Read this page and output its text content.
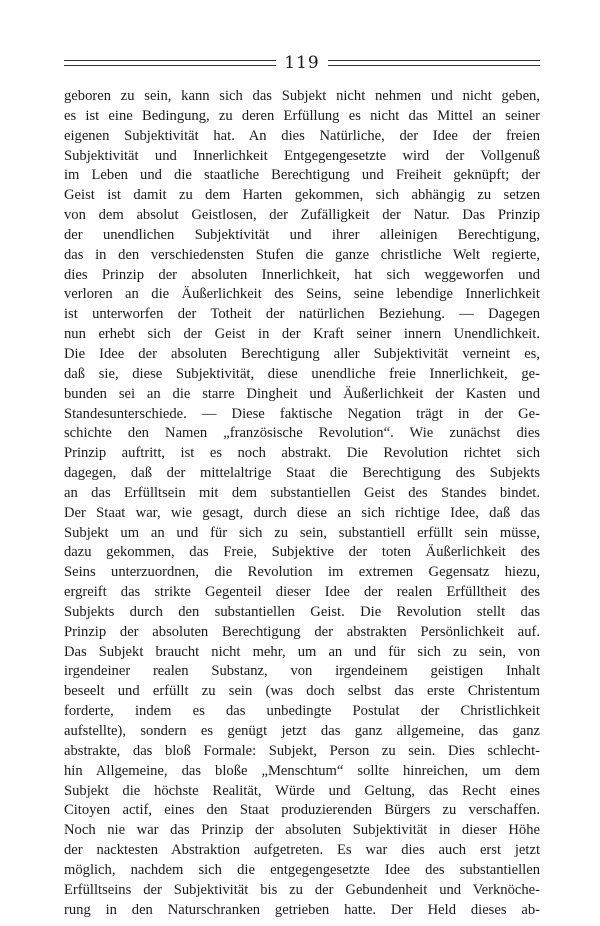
119
geboren zu sein, kann sich das Subjekt nicht nehmen und nicht geben,
es ist eine Bedingung, zu deren Erfüllung es nicht das Mittel an seiner
eigenen Subjektivität hat. An dies Natürliche, der Idee der freien
Subjektivität und Innerlichkeit Entgegengesetzte wird der Vollgenuß
im Leben und die staatliche Berechtigung und Freiheit geknüpft; der
Geist ist damit zu dem Harten gekommen, sich abhängig zu setzen
von dem absolut Geistlosen, der Zufälligkeit der Natur. Das Prinzip
der unendlichen Subjektivität und ihrer alleinigen Berechtigung,
das in den verschiedensten Stufen die ganze christliche Welt regierte,
dies Prinzip der absoluten Innerlichkeit, hat sich weggeworfen und
verloren an die Äußerlichkeit des Seins, seine lebendige Innerlichkeit
ist unterworfen der Totheit der natürlichen Beziehung. — Dagegen
nun erhebt sich der Geist in der Kraft seiner innern Unendlichkeit.
Die Idee der absoluten Berechtigung aller Subjektivität verneint es,
daß sie, diese Subjektivität, diese unendliche freie Innerlichkeit, ge-
bunden sei an die starre Dingheit und Äußerlichkeit der Kasten und
Standesunterschiede. — Diese faktische Negation trägt in der Ge-
schichte den Namen „französische Revolution“. Wie zunächst dies
Prinzip auftritt, ist es noch abstrakt. Die Revolution richtet sich
dagegen, daß der mittelaltrige Staat die Berechtigung des Subjekts
an das Erfülltsein mit dem substantiellen Geist des Standes bindet.
Der Staat war, wie gesagt, durch diese an sich richtige Idee, daß das
Subjekt um an und für sich zu sein, substantiell erfüllt sein müsse,
dazu gekommen, das Freie, Subjektive der toten Äußerlichkeit des
Seins unterzuordnen, die Revolution im extremen Gegensatz hiezu,
ergreift das strikte Gegenteil dieser Idee der realen Erfülltheit des
Subjekts durch den substantiellen Geist. Die Revolution stellt das
Prinzip der absoluten Berechtigung der abstrakten Persönlichkeit auf.
Das Subjekt braucht nicht mehr, um an und für sich zu sein, von
irgendeiner realen Substanz, von irgendeinem geistigen Inhalt
beseelt und erfüllt zu sein (was doch selbst das erste Christentum
forderte, indem es das unbedingte Postulat der Christlichkeit
aufstellte), sondern es genügt jetzt das ganz allgemeine, das ganz
abstrakte, das bloß Formale: Subjekt, Person zu sein. Dies schlecht-
hin Allgemeine, das bloße „Menschtum“ sollte hinreichen, um dem
Subjekt die höchste Realität, Würde und Geltung, das Recht eines
Citoyen actif, eines den Staat produzierenden Bürgers zu verschaffen.
Noch nie war das Prinzip der absoluten Subjektivität in dieser Höhe
der nacktesten Abstraktion aufgetreten. Es war dies auch erst jetzt
möglich, nachdem sich die entgegengesetzte Idee des substantiellen
Erfülltseins der Subjektivität bis zu der Gebundenheit und Verknöche-
rung in den Naturschranken getrieben hatte. Der Held dieses ab-
